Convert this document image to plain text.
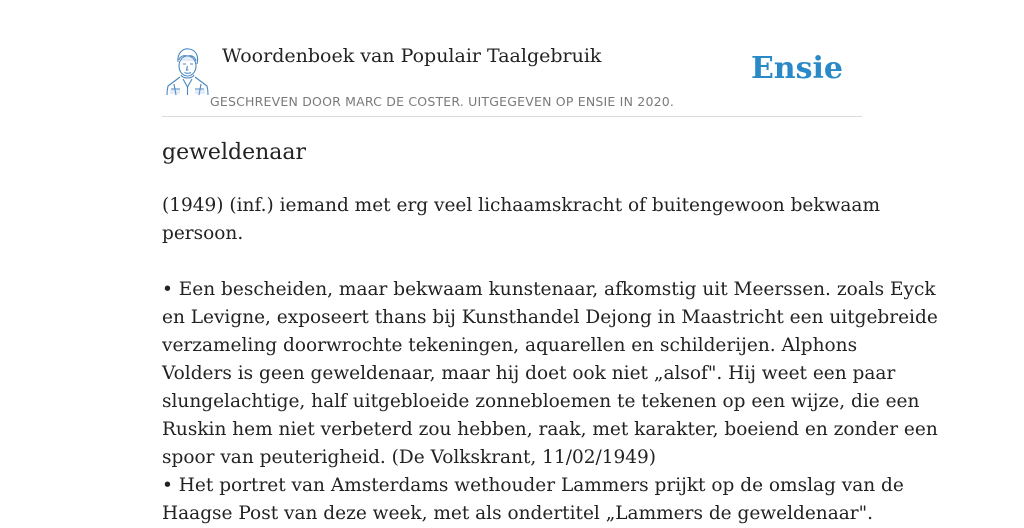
Woordenboek van Populair Taalgebruik
GESCHREVEN DOOR MARC DE COSTER. UITGEGEVEN OP ENSIE IN 2020.
Ensie
geweldenaar
(1949) (inf.) iemand met erg veel lichaamskracht of buitengewoon bekwaam
persoon.
• Een bescheiden, maar bekwaam kunstenaar, afkomstig uit Meerssen. zoals Eyck
en Levigne, exposeert thans bij Kunsthandel Dejong in Maastricht een uitgebreide
verzameling doorwrochte tekeningen, aquarellen en schilderijen. Alphons
Volders is geen geweldenaar, maar hij doet ook niet „alsof". Hij weet een paar
slungelachtige, half uitgebloeide zonnebloemen te tekenen op een wijze, die een
Ruskin hem niet verbeterd zou hebben, raak, met karakter, boeiend en zonder een
spoor van peuterigheid. (De Volkskrant, 11/02/1949)
• Het portret van Amsterdams wethouder Lammers prijkt op de omslag van de
Haagse Post van deze week, met als ondertitel „Lammers de geweldenaar".
